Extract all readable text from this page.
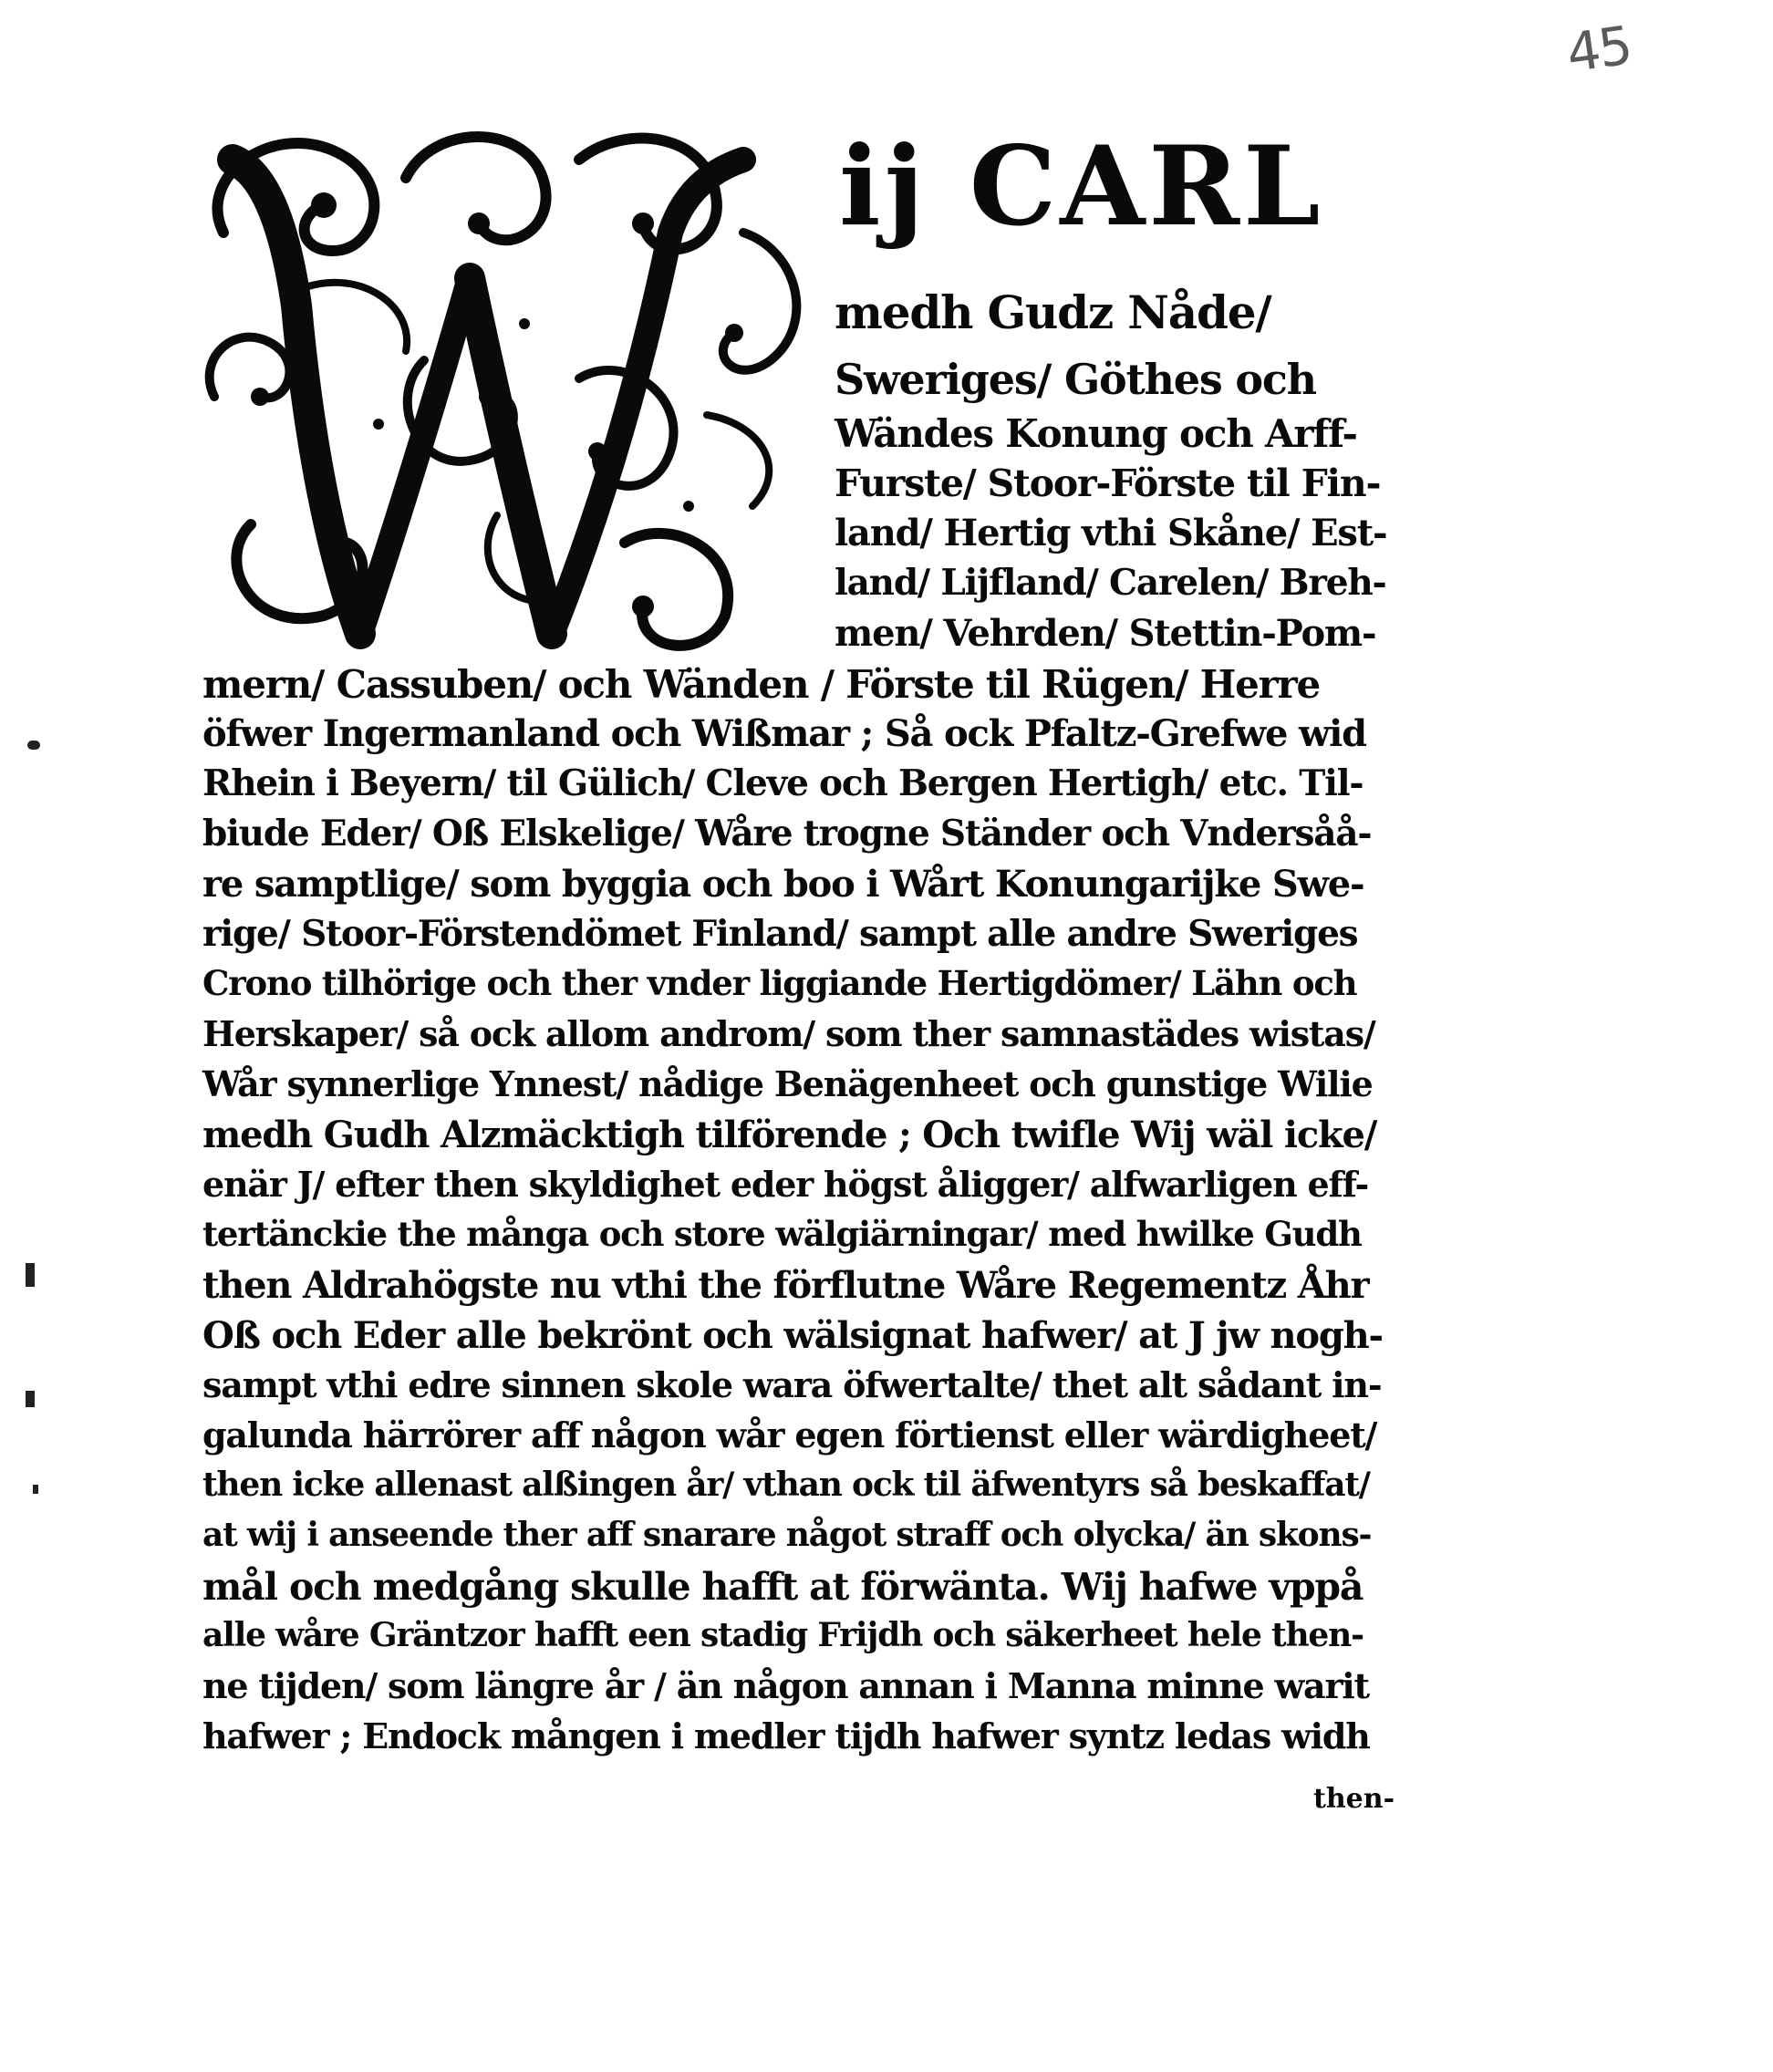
45
ij CARL
medh Gudz Nåde/
Sweriges/ Göthes och
Wändes Konung och Arff-
Furste/ Stoor-Förste til Fin-
land/ Hertig vthi Skåne/ Est-
land/ Lijfland/ Carelen/ Breh-
men/ Vehrden/ Stettin-Pom-
mern/ Cassuben/ och Wänden / Förste til Rügen/ Herre
öfwer Ingermanland och Wißmar ; Så ock Pfaltz-Grefwe wid
Rhein i Beyern/ til Gülich/ Cleve och Bergen Hertigh/ etc. Til-
biude Eder/ Oß Elskelige/ Wåre trogne Ständer och Vndersåå-
re samptlige/ som byggia och boo i Wårt Konungarijke Swe-
rige/ Stoor-Förstendömet Finland/ sampt alle andre Sweriges
Crono tilhörige och ther vnder liggiande Hertigdömer/ Lähn och
Herskaper/ så ock allom androm/ som ther samnastädes wistas/
Wår synnerlige Ynnest/ nådige Benägenheet och gunstige Wilie
medh Gudh Alzmäcktigh tilförende ; Och twifle Wij wäl icke/
enär J/ efter then skyldighet eder högst åligger/ alfwarligen eff-
tertänckie the många och store wälgiärningar/ med hwilke Gudh
then Aldrahögste nu vthi the förflutne Wåre Regementz Åhr
Oß och Eder alle bekrönt och wälsignat hafwer/ at J jw nogh-
sampt vthi edre sinnen skole wara öfwertalte/ thet alt sådant in-
galunda härrörer aff någon wår egen förtienst eller wärdigheet/
then icke allenast alßingen år/ vthan ock til äfwentyrs så beskaffat/
at wij i anseende ther aff snarare något straff och olycka/ än skons-
mål och medgång skulle hafft at förwänta. Wij hafwe vppå
alle wåre Gräntzor hafft een stadig Frijdh och säkerheet hele then-
ne tijden/ som längre år / än någon annan i Manna minne warit
hafwer ; Endock mången i medler tijdh hafwer syntz ledas widh
then-
